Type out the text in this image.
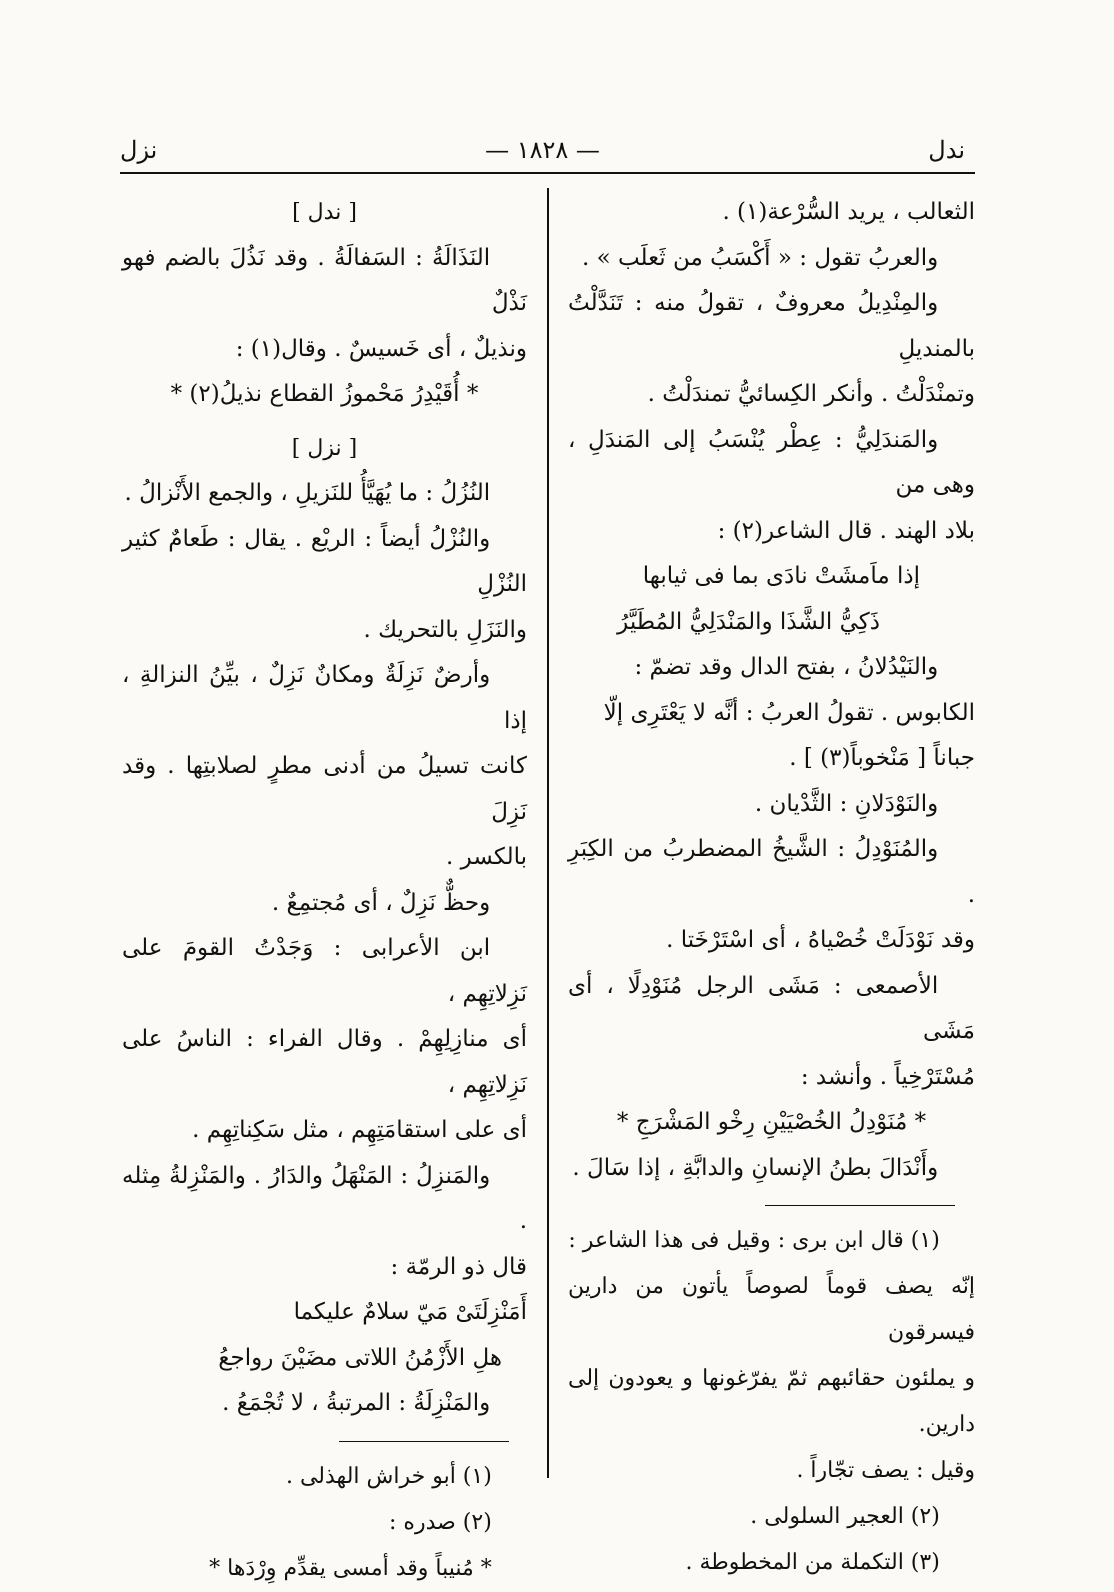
ندل
— ١٨٢٨ —
نزل

الثعالب ، يريد السُّرْعة(١) .

والعربُ تقول : « أَكْسَبُ من ثَعلَب » .

والمِنْدِيلُ معروفٌ ، تقولُ منه : تَنَدَّلْتُ بالمنديلِ

وتمنْدَلْتُ . وأنكر الكِسائيُّ تمندَلْتُ .

والمَندَلِيُّ : عِطْر يُنْسَبُ إلى المَندَلِ ، وهى من

بلاد الهند . قال الشاعر(٢) :

إذا ماَمشَتْ نادَى بما فى ثيابها

ذَكِيُّ الشَّذَا والمَنْدَلِيُّ المُطَيَّرُ

والنَيْدُلانُ ، بفتح الدال وقد تضمّ :

الكابوس . تقولُ العربُ : أنَّه لا يَعْتَرِى إلّا

جباناً [ مَنْخوباً(٣) ] .

والنَوْدَلانِ : الثَّدْيان .

والمُنَوْدِلُ : الشَّيخُ المضطربُ من الكِبَرِ .

وقد نَوْدَلَتْ خُصْياهُ ، أى اسْتَرْخَتا .

الأصمعى : مَشَى الرجل مُنَوْدِلًا ، أى مَشَى

مُسْتَرْخِياً . وأنشد :

* مُنَوْدِلُ الخُصْيَيْنِ رِخْو المَشْرَجِ *

وأَنْدَالَ بطنُ الإنسانِ والدابَّةِ ، إذا سَالَ .

(١) قال ابن برى : وقيل فى هذا الشاعر :

إنّه يصف قوماً لصوصاً يأتون من دارين فيسرقون

و يملئون حقائبهم ثمّ يفرّغونها و يعودون إلى دارين.

وقيل : يصف تجّاراً .

(٢) العجير السلولى .

(٣) التكملة من المخطوطة .

[ ندل ]

النَذَالَةُ : السَفالَةُ . وقد نَذُلَ بالضم فهو نَذْلٌ

ونذيلٌ ، أى خَسيسٌ . وقال(١) :

* أُقَيْدِرُ مَحْموزُ القطاع نذيلُ(٢) *

[ نزل ]

النُزُلُ : ما يُهَيَّأُ للنَزيلِ ، والجمع الأَنْزالُ .

والنُزْلُ أيضاً : الريْع . يقال : طَعامٌ كثير النُزْلِ

والنَزَلِ بالتحريك .

وأرضٌ نَزِلَةٌ ومكانٌ نَزِلٌ ، بيِّنُ النزالةِ ، إذا

كانت تسيلُ من أدنى مطرٍ لصلابتِها . وقد نَزِلَ

بالكسر .

وحظٌّ نَزِلٌ ، أى مُجتمِعٌ .

ابن الأعرابى : وَجَدْتُ القومَ على نَزِلاتِهِم ،

أى منازِلِهِمْ . وقال الفراء : الناسُ على نَزِلاتِهِم ،

أى على استقامَتِهِم ، مثل سَكِناتِهِم .

والمَنزِلُ : المَنْهَلُ والدَارُ . والمَنْزِلةُ مِثله .

قال ذو الرمّة :

أَمَنْزِلَتَىْ مَيّ سلامٌ عليكما

هلِ الأَزْمُنُ اللاتى مضَيْنَ رواجعُ

والمَنْزِلَةُ : المرتبةُ ، لا تُجْمَعُ .

(١) أبو خراش الهذلى .

(٢) صدره :

* مُنيباً وقد أمسى يقدِّم وِرْدَها *
